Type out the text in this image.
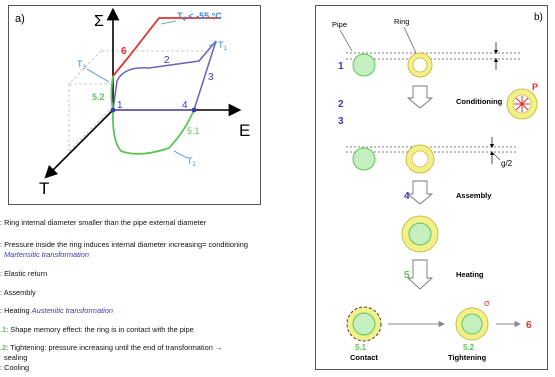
a)	Σ
E
T
$T_4 < -55$ °C
$T_1$
$T_3$
$T_2$
6
2
3
1	4
5.1
5.2
: Ring internal diameter smaller than the pipe external diameter
: Pressure inside the ring induces internal diameter increasing= conditioning
Martensitic transformation
: Elastic return
: Assembly
: Heating Austenitic transformation
.1: Shape memory effect: the ring is in contact with the pipe
.2: Tightening: pressure increasing until the end of transformation →
sealing
: Cooling
b)
Pipe	Ring
1
2	Conditioning
P
3
g/2
4	Assembly
5	Heating
5.1
Contact
σ
5.2
Tightening
6
